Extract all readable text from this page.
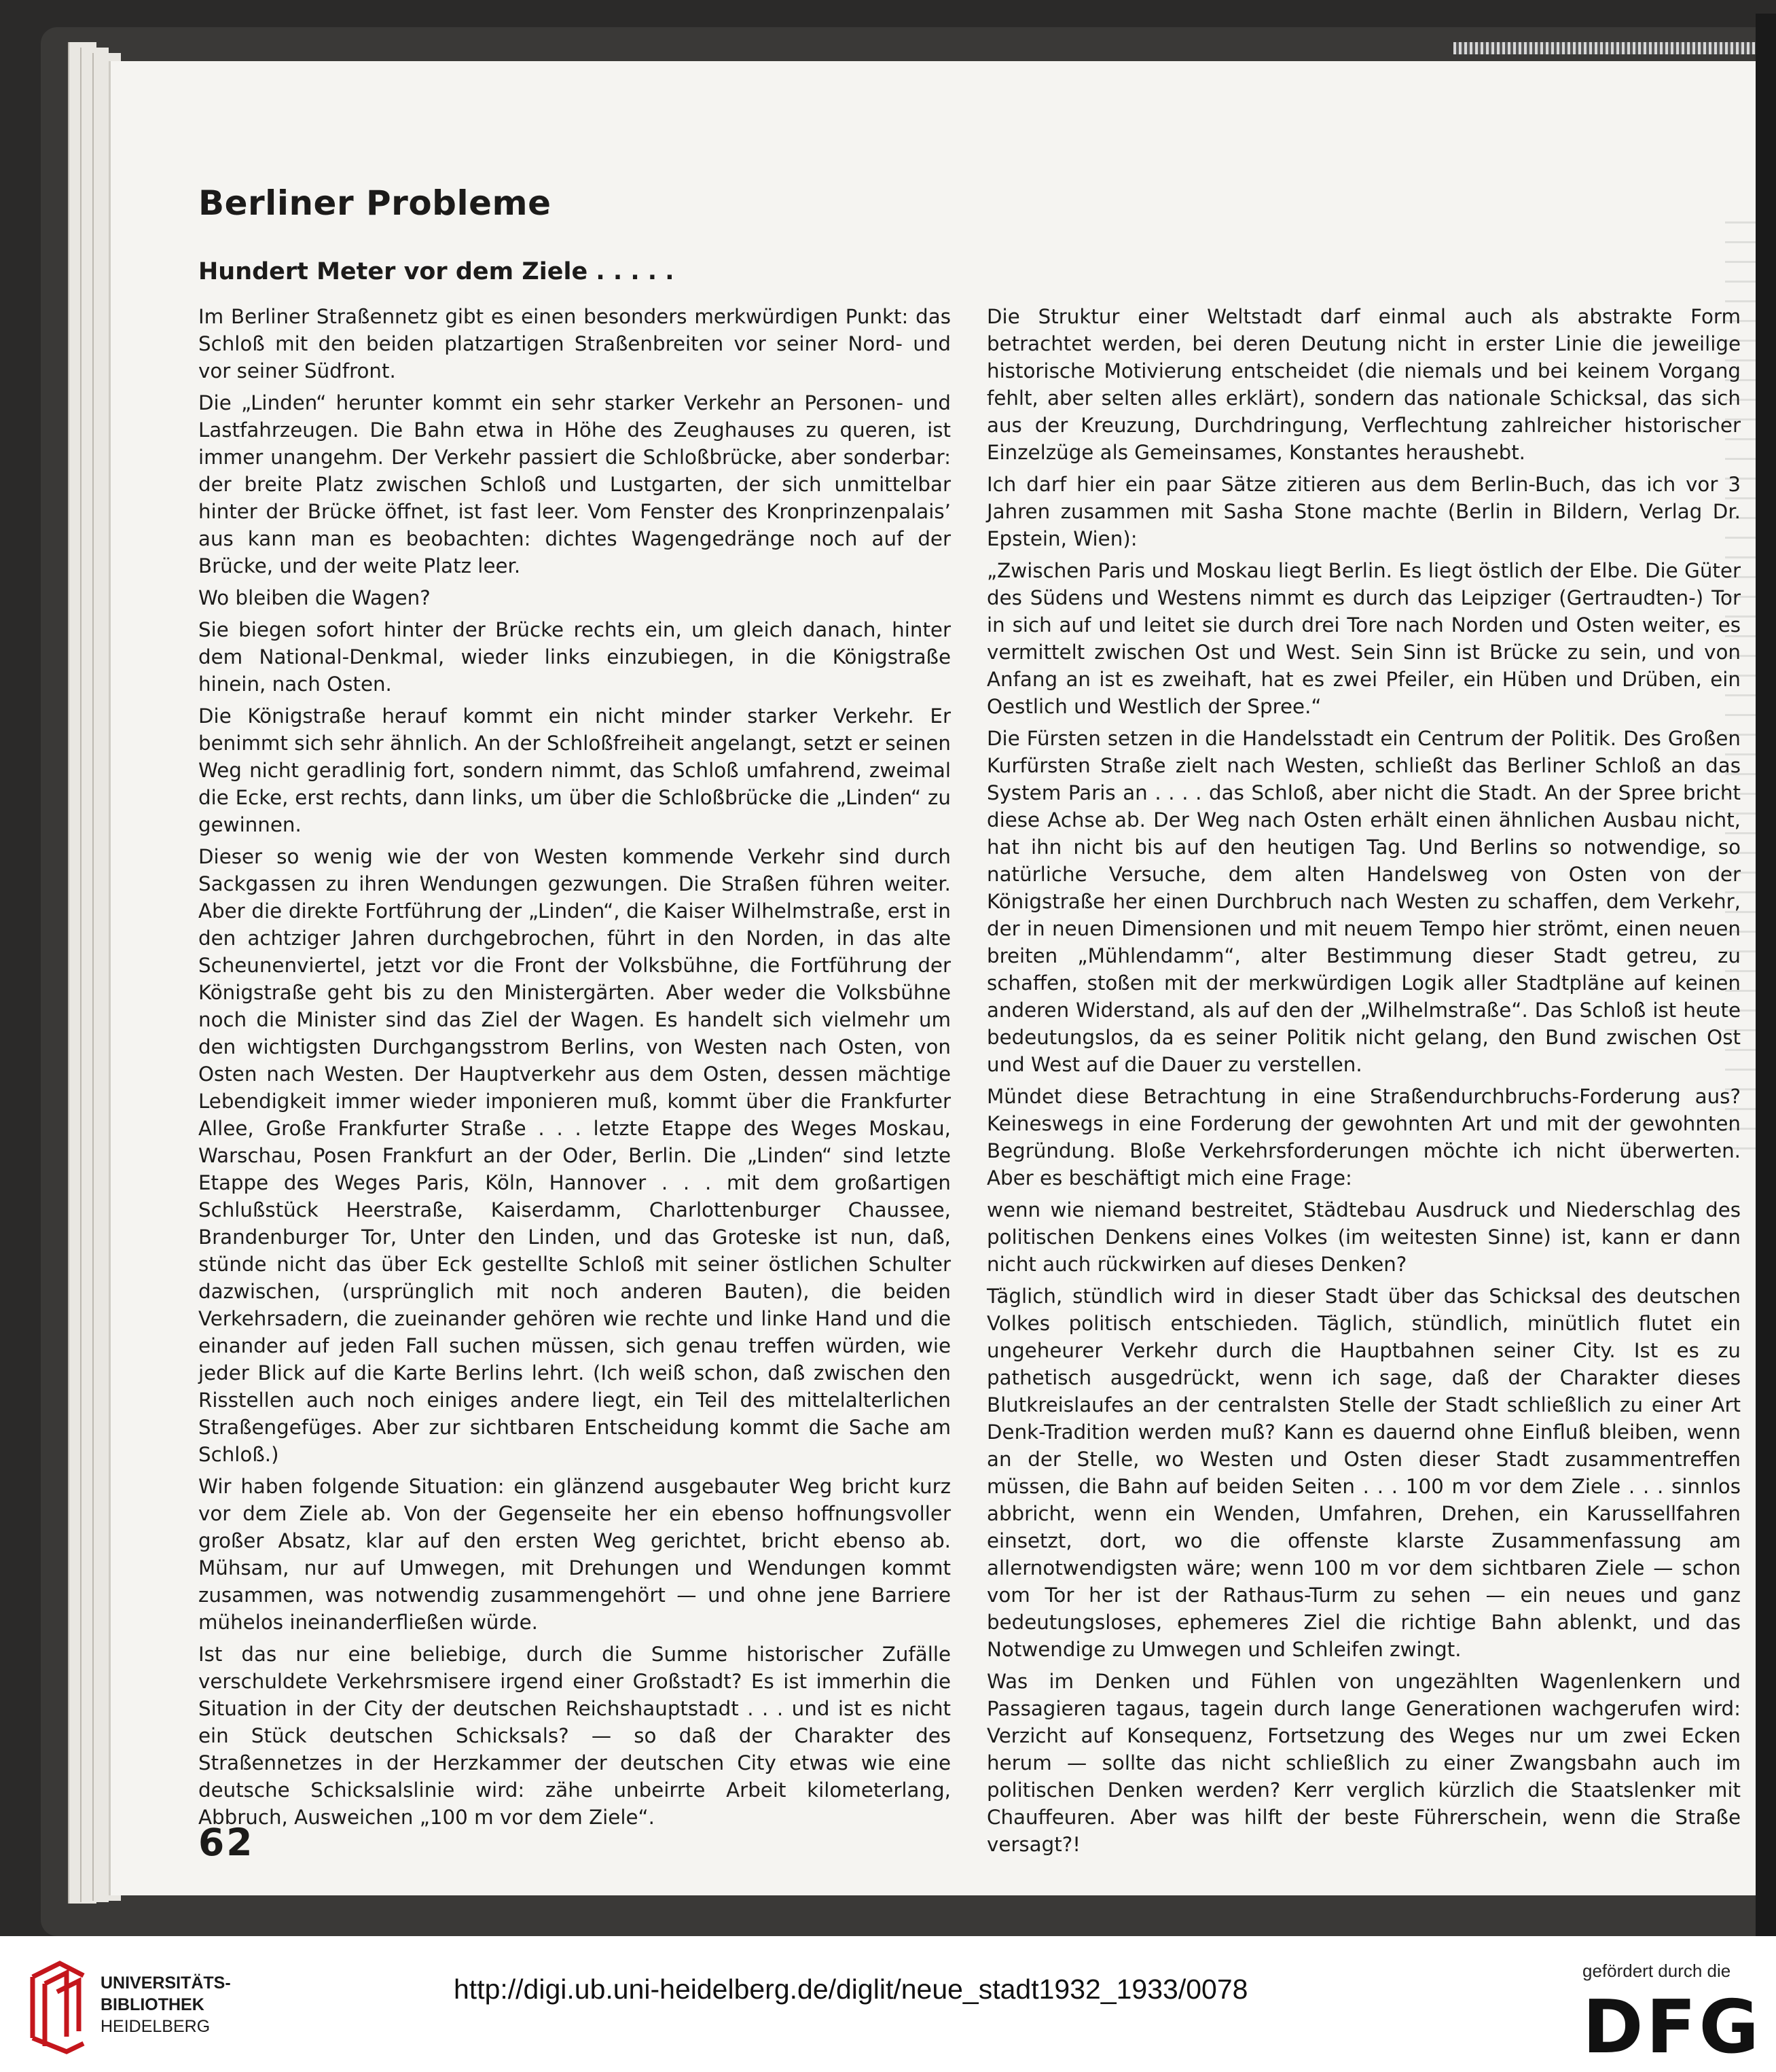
Berliner Probleme
Hundert Meter vor dem Ziele . . . . .

Im Berliner Straßennetz gibt es einen besonders merkwürdigen Punkt: das Schloß mit den beiden platzartigen Straßenbreiten vor seiner Nord- und vor seiner Südfront.

Die „Linden“ herunter kommt ein sehr starker Verkehr an Personen- und Lastfahrzeugen. Die Bahn etwa in Höhe des Zeughauses zu queren, ist immer unangehm. Der Verkehr passiert die Schloßbrücke, aber sonderbar: der breite Platz zwischen Schloß und Lustgarten, der sich unmittelbar hinter der Brücke öffnet, ist fast leer. Vom Fenster des Kronprinzenpalais’ aus kann man es beobachten: dichtes Wagengedränge noch auf der Brücke, und der weite Platz leer.

Wo bleiben die Wagen?

Sie biegen sofort hinter der Brücke rechts ein, um gleich danach, hinter dem National-Denkmal, wieder links einzubiegen, in die Königstraße hinein, nach Osten.

Die Königstraße herauf kommt ein nicht minder starker Verkehr. Er benimmt sich sehr ähnlich. An der Schloßfreiheit angelangt, setzt er seinen Weg nicht geradlinig fort, sondern nimmt, das Schloß umfahrend, zweimal die Ecke, erst rechts, dann links, um über die Schloßbrücke die „Linden“ zu gewinnen.

Dieser so wenig wie der von Westen kommende Verkehr sind durch Sackgassen zu ihren Wendungen gezwungen. Die Straßen führen weiter. Aber die direkte Fortführung der „Linden“, die Kaiser Wilhelmstraße, erst in den achtziger Jahren durchgebrochen, führt in den Norden, in das alte Scheunenviertel, jetzt vor die Front der Volksbühne, die Fortführung der Königstraße geht bis zu den Ministergärten. Aber weder die Volksbühne noch die Minister sind das Ziel der Wagen. Es handelt sich vielmehr um den wichtigsten Durchgangsstrom Berlins, von Westen nach Osten, von Osten nach Westen. Der Hauptverkehr aus dem Osten, dessen mächtige Lebendigkeit immer wieder imponieren muß, kommt über die Frankfurter Allee, Große Frankfurter Straße . . . letzte Etappe des Weges Moskau, Warschau, Posen Frankfurt an der Oder, Berlin. Die „Linden“ sind letzte Etappe des Weges Paris, Köln, Hannover . . . mit dem großartigen Schlußstück Heerstraße, Kaiserdamm, Charlottenburger Chaussee, Brandenburger Tor, Unter den Linden, und das Groteske ist nun, daß, stünde nicht das über Eck gestellte Schloß mit seiner östlichen Schulter dazwischen, (ursprünglich mit noch anderen Bauten), die beiden Verkehrsadern, die zueinander gehören wie rechte und linke Hand und die einander auf jeden Fall suchen müssen, sich genau treffen würden, wie jeder Blick auf die Karte Berlins lehrt. (Ich weiß schon, daß zwischen den Risstellen auch noch einiges andere liegt, ein Teil des mittelalterlichen Straßengefüges. Aber zur sichtbaren Entscheidung kommt die Sache am Schloß.)

Wir haben folgende Situation: ein glänzend ausgebauter Weg bricht kurz vor dem Ziele ab. Von der Gegenseite her ein ebenso hoffnungsvoller großer Absatz, klar auf den ersten Weg gerichtet, bricht ebenso ab. Mühsam, nur auf Umwegen, mit Drehungen und Wendungen kommt zusammen, was notwendig zusammengehört — und ohne jene Barriere mühelos ineinanderfließen würde.

Ist das nur eine beliebige, durch die Summe historischer Zufälle verschuldete Verkehrsmisere irgend einer Großstadt? Es ist immerhin die Situation in der City der deutschen Reichshauptstadt . . . und ist es nicht ein Stück deutschen Schicksals? — so daß der Charakter des Straßennetzes in der Herzkammer der deutschen City etwas wie eine deutsche Schicksalslinie wird: zähe unbeirrte Arbeit kilometerlang, Abbruch, Ausweichen „100 m vor dem Ziele“.

Die Struktur einer Weltstadt darf einmal auch als abstrakte Form betrachtet werden, bei deren Deutung nicht in erster Linie die jeweilige historische Motivierung entscheidet (die niemals und bei keinem Vorgang fehlt, aber selten alles erklärt), sondern das nationale Schicksal, das sich aus der Kreuzung, Durchdringung, Verflechtung zahlreicher historischer Einzelzüge als Gemeinsames, Konstantes heraushebt.

Ich darf hier ein paar Sätze zitieren aus dem Berlin-Buch, das ich vor 3 Jahren zusammen mit Sasha Stone machte (Berlin in Bildern, Verlag Dr. Epstein, Wien):

„Zwischen Paris und Moskau liegt Berlin. Es liegt östlich der Elbe. Die Güter des Südens und Westens nimmt es durch das Leipziger (Gertraudten-) Tor in sich auf und leitet sie durch drei Tore nach Norden und Osten weiter, es vermittelt zwischen Ost und West. Sein Sinn ist Brücke zu sein, und von Anfang an ist es zweihaft, hat es zwei Pfeiler, ein Hüben und Drüben, ein Oestlich und Westlich der Spree.“

Die Fürsten setzen in die Handelsstadt ein Centrum der Politik. Des Großen Kurfürsten Straße zielt nach Westen, schließt das Berliner Schloß an das System Paris an . . . . das Schloß, aber nicht die Stadt. An der Spree bricht diese Achse ab. Der Weg nach Osten erhält einen ähnlichen Ausbau nicht, hat ihn nicht bis auf den heutigen Tag. Und Berlins so notwendige, so natürliche Versuche, dem alten Handelsweg von Osten von der Königstraße her einen Durchbruch nach Westen zu schaffen, dem Verkehr, der in neuen Dimensionen und mit neuem Tempo hier strömt, einen neuen breiten „Mühlendamm“, alter Bestimmung dieser Stadt getreu, zu schaffen, stoßen mit der merkwürdigen Logik aller Stadtpläne auf keinen anderen Widerstand, als auf den der „Wilhelmstraße“. Das Schloß ist heute bedeutungslos, da es seiner Politik nicht gelang, den Bund zwischen Ost und West auf die Dauer zu verstellen.

Mündet diese Betrachtung in eine Straßendurchbruchs-Forderung aus? Keineswegs in eine Forderung der gewohnten Art und mit der gewohnten Begründung. Bloße Verkehrsforderungen möchte ich nicht überwerten. Aber es beschäftigt mich eine Frage:

wenn wie niemand bestreitet, Städtebau Ausdruck und Niederschlag des politischen Denkens eines Volkes (im weitesten Sinne) ist, kann er dann nicht auch rückwirken auf dieses Denken?

Täglich, stündlich wird in dieser Stadt über das Schicksal des deutschen Volkes politisch entschieden. Täglich, stündlich, minütlich flutet ein ungeheurer Verkehr durch die Hauptbahnen seiner City. Ist es zu pathetisch ausgedrückt, wenn ich sage, daß der Charakter dieses Blutkreislaufes an der centralsten Stelle der Stadt schließlich zu einer Art Denk-Tradition werden muß? Kann es dauernd ohne Einfluß bleiben, wenn an der Stelle, wo Westen und Osten dieser Stadt zusammentreffen müssen, die Bahn auf beiden Seiten . . . 100 m vor dem Ziele . . . sinnlos abbricht, wenn ein Wenden, Umfahren, Drehen, ein Karussellfahren einsetzt, dort, wo die offenste klarste Zusammenfassung am allernotwendigsten wäre; wenn 100 m vor dem sichtbaren Ziele — schon vom Tor her ist der Rathaus-Turm zu sehen — ein neues und ganz bedeutungsloses, ephemeres Ziel die richtige Bahn ablenkt, und das Notwendige zu Umwegen und Schleifen zwingt.

Was im Denken und Fühlen von ungezählten Wagenlenkern und Passagieren tagaus, tagein durch lange Generationen wachgerufen wird: Verzicht auf Konsequenz, Fortsetzung des Weges nur um zwei Ecken herum — sollte das nicht schließlich zu einer Zwangsbahn auch im politischen Denken werden? Kerr verglich kürzlich die Staatslenker mit Chauffeuren. Aber was hilft der beste Führerschein, wenn die Straße versagt?!

62
UNIVERSITÄTS-
BIBLIOTHEK
HEIDELBERG
http://digi.ub.uni-heidelberg.de/diglit/neue_stadt1932_1933/0078
gefördert durch die
DFG
